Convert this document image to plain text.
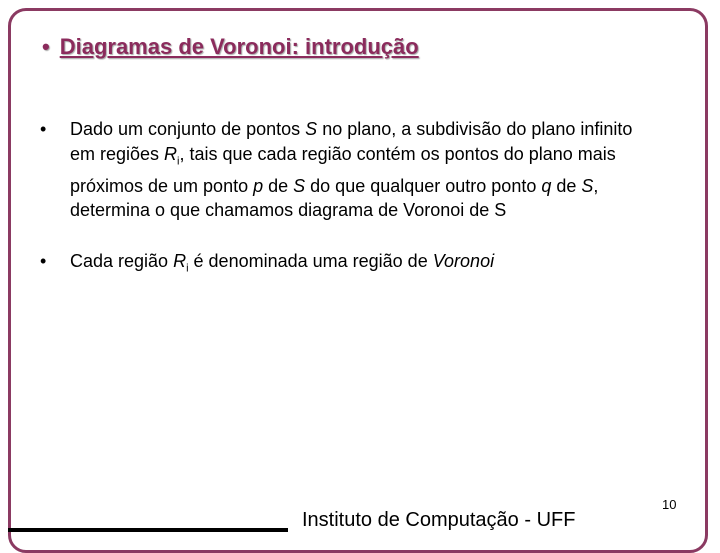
• Diagramas de Voronoi: introdução
•	Dado um conjunto de pontos S no plano, a subdivisão do plano infinito em regiões $R_i$, tais que cada região contém os pontos do plano mais próximos de um ponto p de S do que qualquer outro ponto q de S, determina o que chamamos diagrama de Voronoi de S
•	Cada região $R_i$ é denominada uma região de Voronoi
Instituto de Computação - UFF
10
